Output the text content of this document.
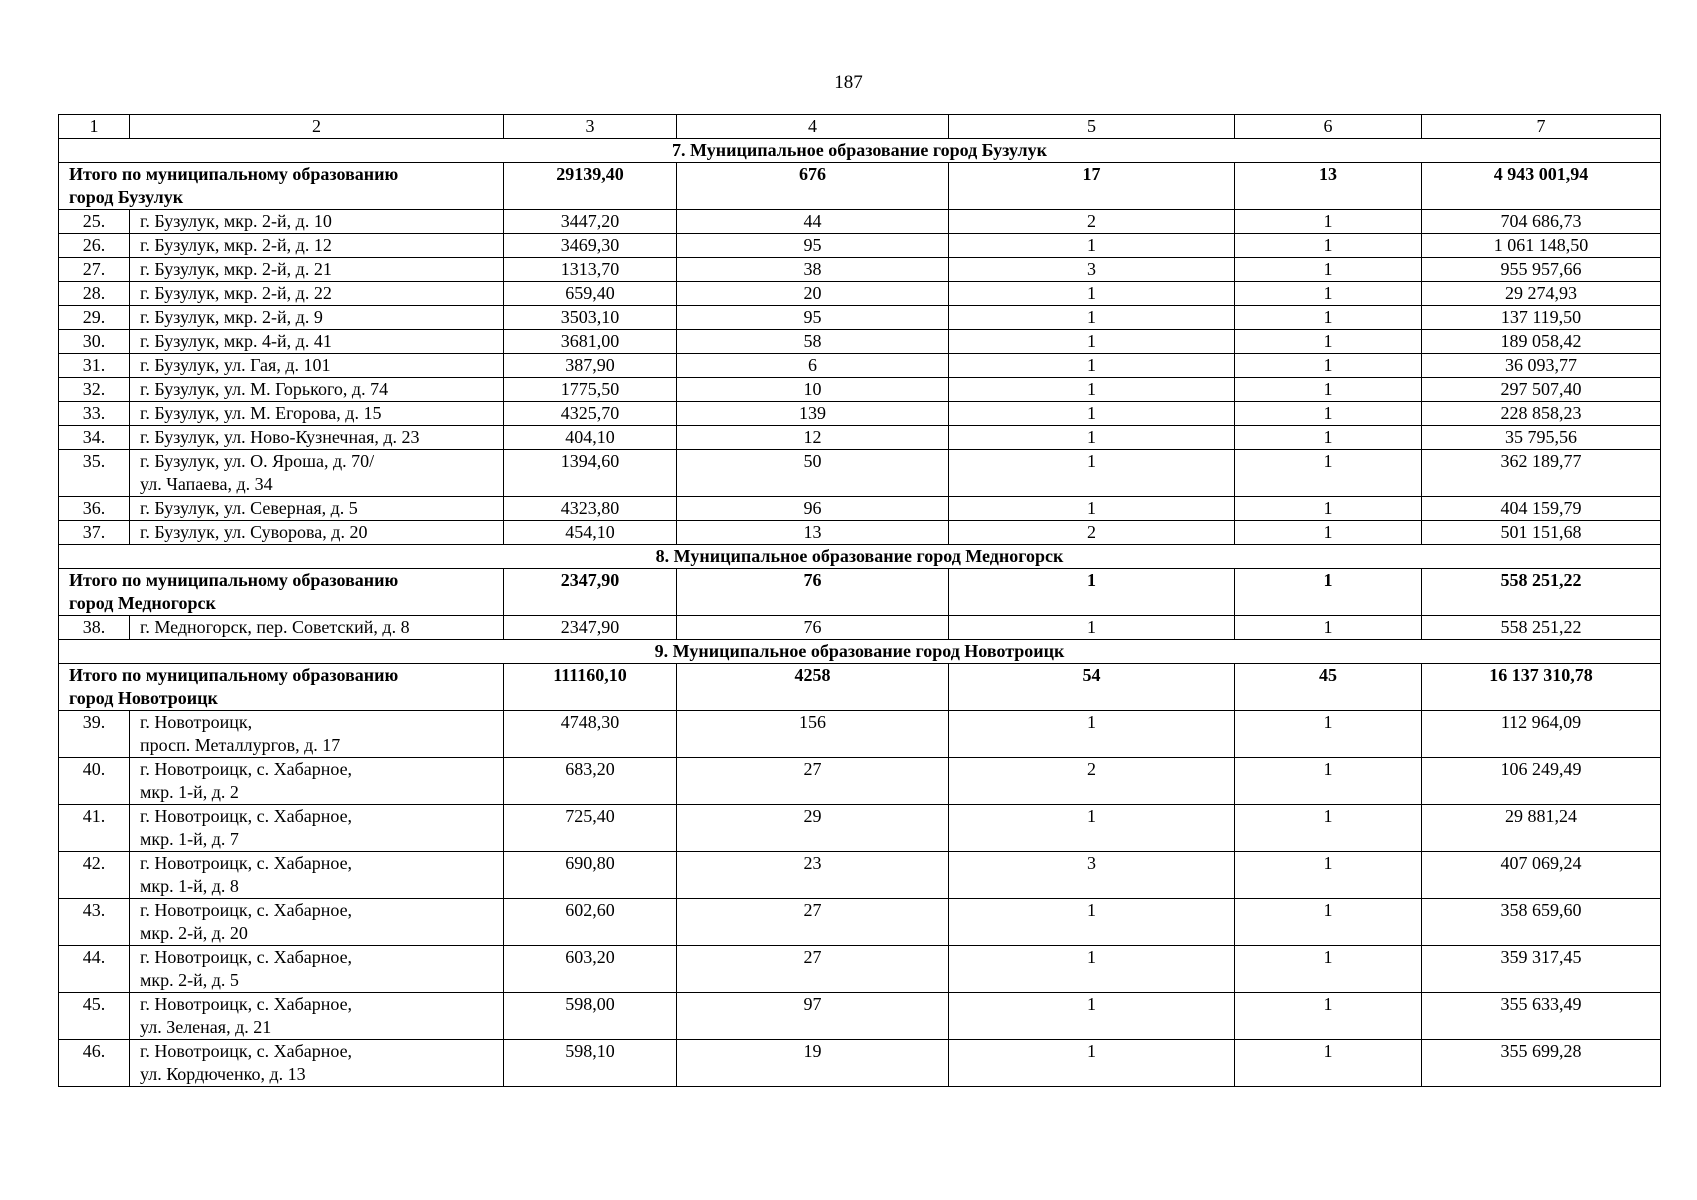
187
1	2	3	4	5	6	7
7. Муниципальное образование город Бузулук						

Итого по муниципальному образованию
город Бузулук		29139,40	676	17	13	4 943 001,94
25.	г. Бузулук, мкр. 2-й, д. 10	3447,20	44	2	1	704 686,73
26.	г. Бузулук, мкр. 2-й, д. 12	3469,30	95	1	1	1 061 148,50
27.	г. Бузулук, мкр. 2-й, д. 21	1313,70	38	3	1	955 957,66
28.	г. Бузулук, мкр. 2-й, д. 22	659,40	20	1	1	29 274,93
29.	г. Бузулук, мкр. 2-й, д. 9	3503,10	95	1	1	137 119,50
30.	г. Бузулук, мкр. 4-й, д. 41	3681,00	58	1	1	189 058,42
31.	г. Бузулук, ул. Гая, д. 101	387,90	6	1	1	36 093,77
32.	г. Бузулук, ул. М. Горького, д. 74	1775,50	10	1	1	297 507,40
33.	г. Бузулук, ул. М. Егорова, д. 15	4325,70	139	1	1	228 858,23
34.	г. Бузулук, ул. Ново-Кузнечная, д. 23	404,10	12	1	1	35 795,56
35.	г. Бузулук, ул. О. Яроша, д. 70/
ул. Чапаева, д. 34	1394,60	50	1	1	362 189,77
36.	г. Бузулук, ул. Северная, д. 5	4323,80	96	1	1	404 159,79
37.	г. Бузулук, ул. Суворова, д. 20	454,10	13	2	1	501 151,68
8. Муниципальное образование город Медногорск						

Итого по муниципальному образованию
город Медногорск		2347,90	76	1	1	558 251,22
38.	г. Медногорск, пер. Советский, д. 8	2347,90	76	1	1	558 251,22
9. Муниципальное образование город Новотроицк						

Итого по муниципальному образованию
город Новотроицк		111160,10	4258	54	45	16 137 310,78
39.	г. Новотроицк,
просп. Металлургов, д. 17	4748,30	156	1	1	112 964,09
40.	г. Новотроицк, с. Хабарное,
мкр. 1-й, д. 2	683,20	27	2	1	106 249,49
41.	г. Новотроицк, с. Хабарное,
мкр. 1-й, д. 7	725,40	29	1	1	29 881,24
42.	г. Новотроицк, с. Хабарное,
мкр. 1-й, д. 8	690,80	23	3	1	407 069,24
43.	г. Новотроицк, с. Хабарное,
мкр. 2-й, д. 20	602,60	27	1	1	358 659,60
44.	г. Новотроицк, с. Хабарное,
мкр. 2-й, д. 5	603,20	27	1	1	359 317,45
45.	г. Новотроицк, с. Хабарное,
ул. Зеленая, д. 21	598,00	97	1	1	355 633,49
46.	г. Новотроицк, с. Хабарное,
ул. Кордюченко, д. 13	598,10	19	1	1	355 699,28
